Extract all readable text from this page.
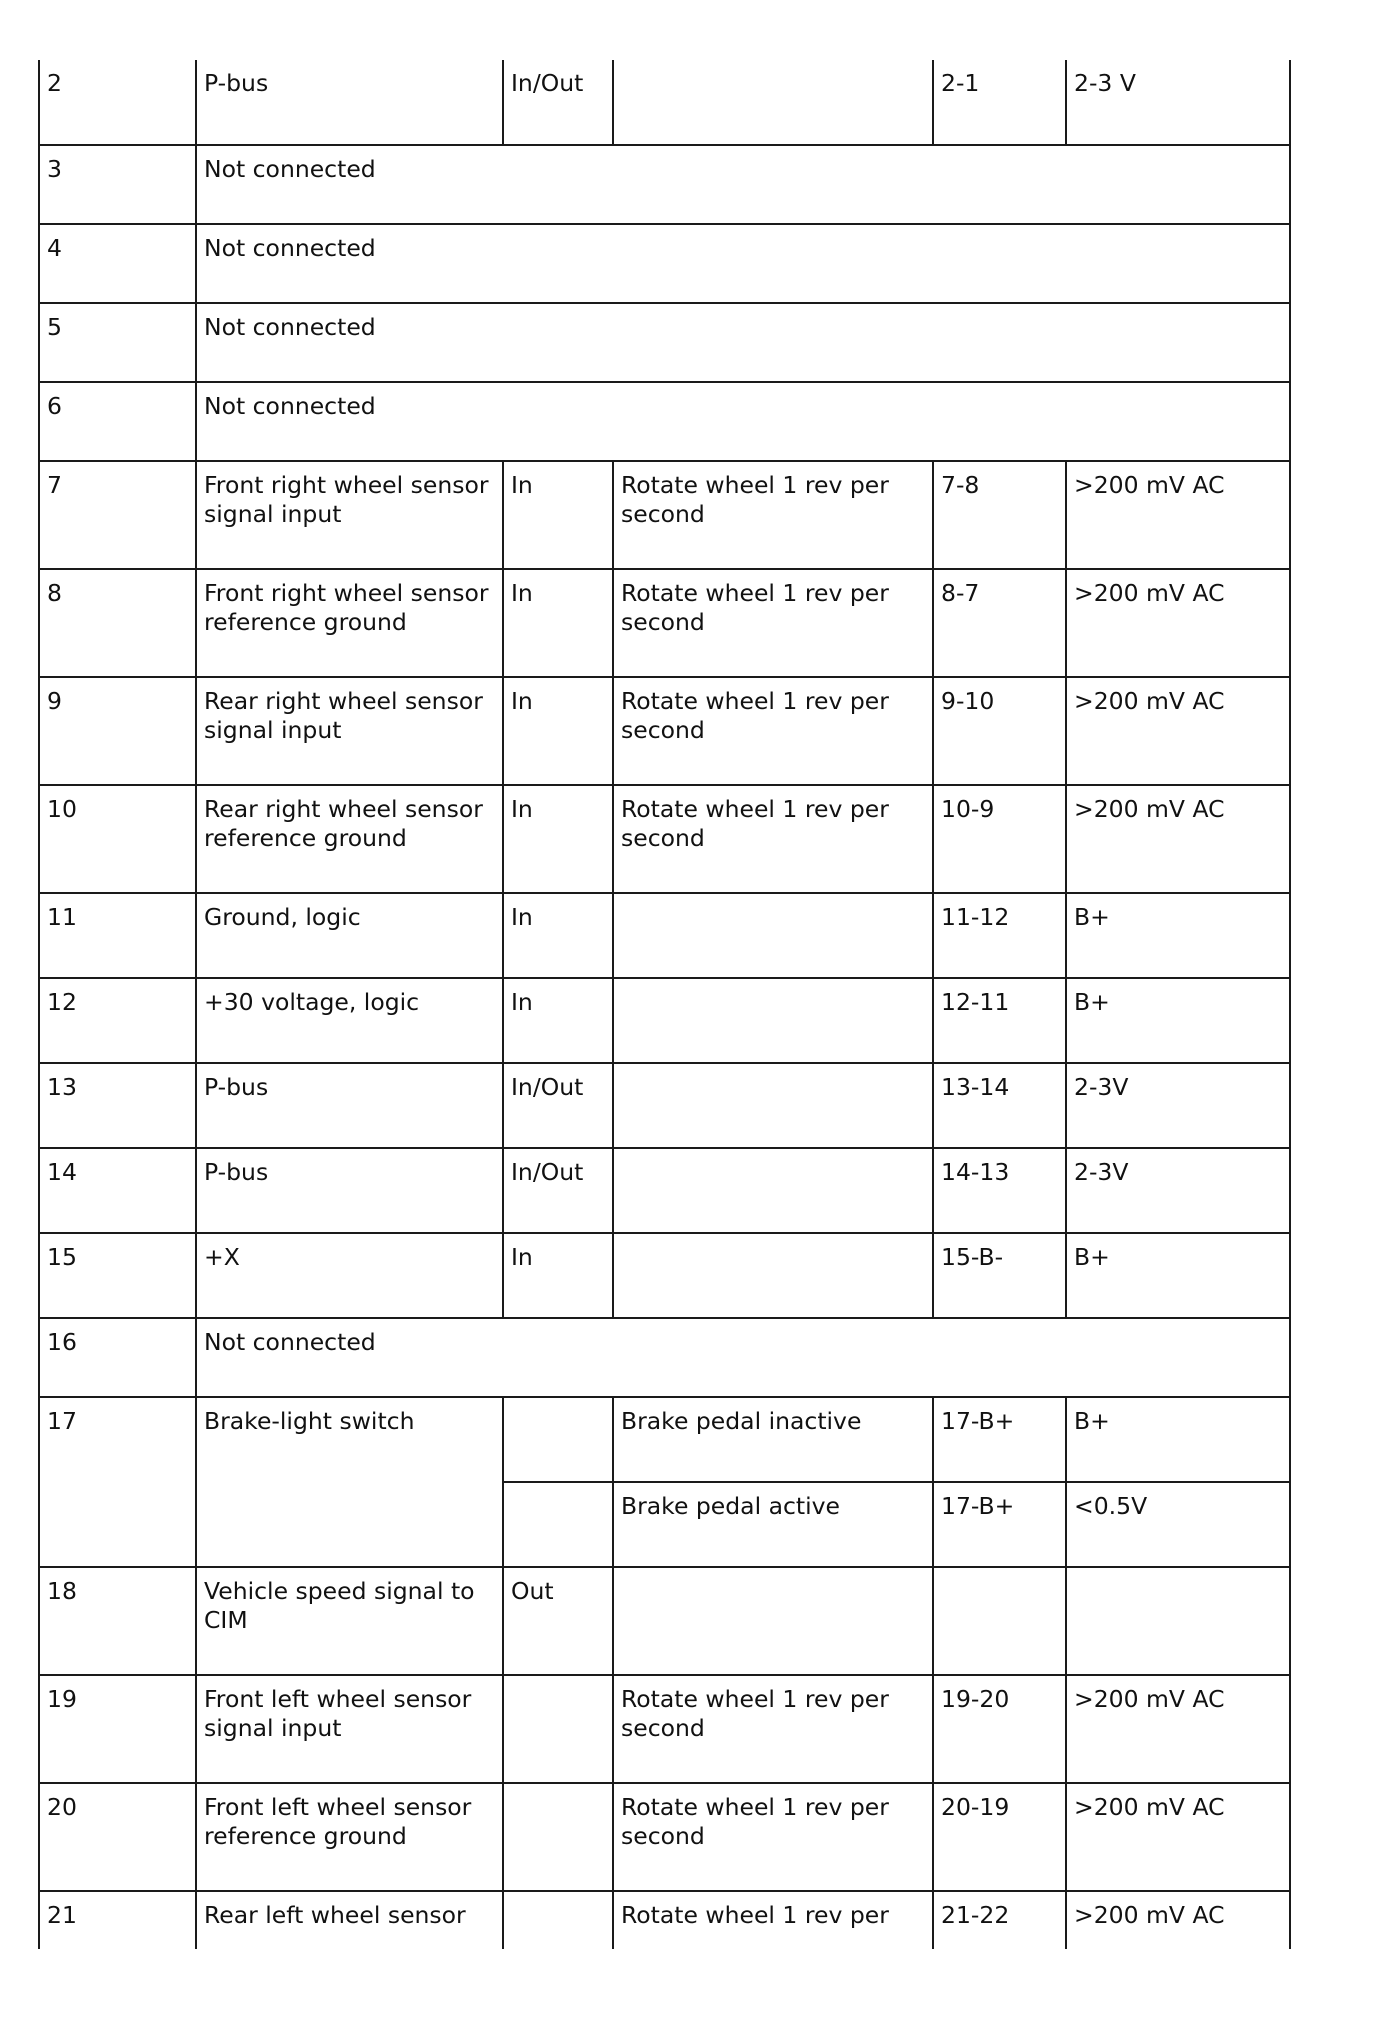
2	P-bus	In/Out		2-1	2-3 V
3	Not connected				
4	Not connected				
5	Not connected				
6	Not connected				
7	Front right wheel sensor signal input	In	Rotate wheel 1 rev per second	7-8	>200 mV AC
8	Front right wheel sensor reference ground	In	Rotate wheel 1 rev per second	8-7	>200 mV AC
9	Rear right wheel sensor signal input	In	Rotate wheel 1 rev per second	9-10	>200 mV AC
10	Rear right wheel sensor reference ground	In	Rotate wheel 1 rev per second	10-9	>200 mV AC
11	Ground, logic	In		11-12	B+
12	+30 voltage, logic	In		12-11	B+
13	P-bus	In/Out		13-14	2-3V
14	P-bus	In/Out		14-13	2-3V
15	+X	In		15-B-	B+
16	Not connected				
17	Brake-light switch		Brake pedal inactive	17-B+	B+
			Brake pedal active	17-B+	<0.5V
18	Vehicle speed signal to CIM	Out			
19	Front left wheel sensor signal input		Rotate wheel 1 rev per second	19-20	>200 mV AC
20	Front left wheel sensor reference ground		Rotate wheel 1 rev per second	20-19	>200 mV AC
21	Rear left wheel sensor		Rotate wheel 1 rev per	21-22	>200 mV AC
